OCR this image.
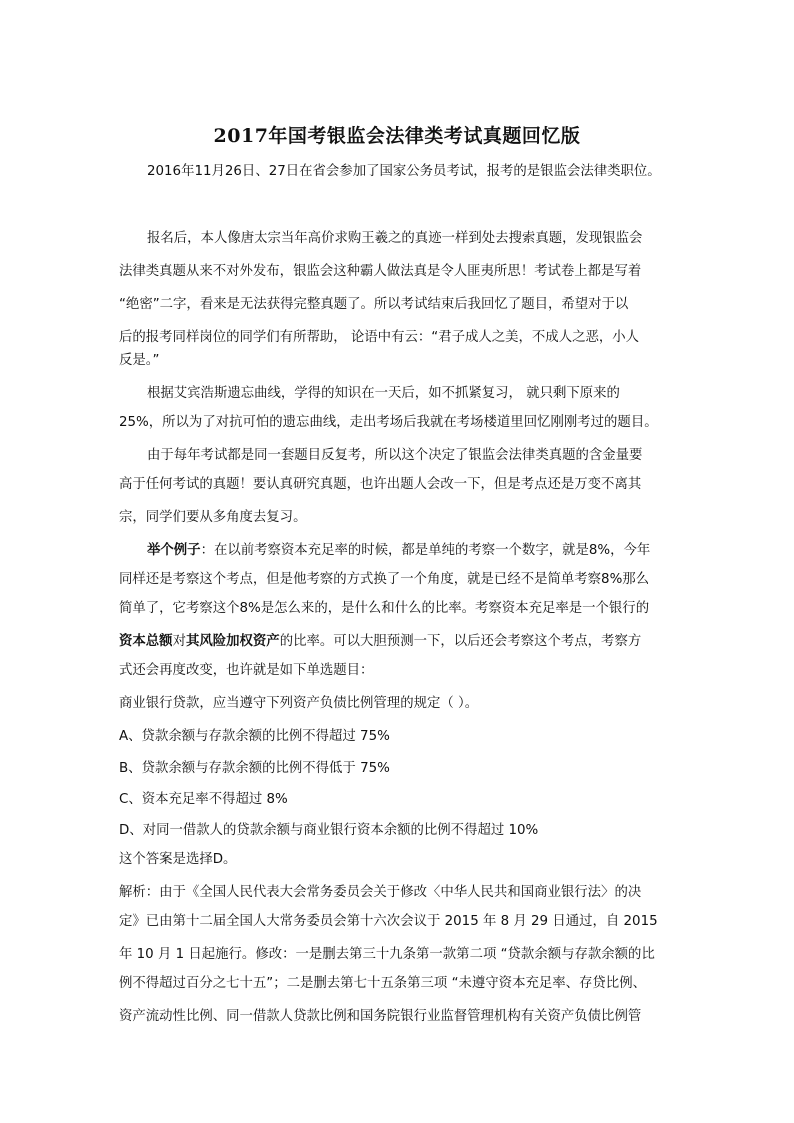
2017年国考银监会法律类考试真题回忆版
2016年11月26日、27日在省会参加了国家公务员考试，报考的是银监会法律类职位。
报名后，本人像唐太宗当年高价求购王羲之的真迹一样到处去搜索真题，发现银监会
法律类真题从来不对外发布，银监会这种霸人做法真是令人匪夷所思！考试卷上都是写着
“绝密”二字，看来是无法获得完整真题了。所以考试结束后我回忆了题目，希望对于以
后的报考同样岗位的同学们有所帮助， 论语中有云：“君子成人之美，不成人之恶，小人
反是。”
根据艾宾浩斯遗忘曲线，学得的知识在一天后，如不抓紧复习， 就只剩下原来的
25%，所以为了对抗可怕的遗忘曲线，走出考场后我就在考场楼道里回忆刚刚考过的题目。
由于每年考试都是同一套题目反复考，所以这个决定了银监会法律类真题的含金量要
高于任何考试的真题！要认真研究真题，也许出题人会改一下，但是考点还是万变不离其
宗，同学们要从多角度去复习。
举个例子：在以前考察资本充足率的时候，都是单纯的考察一个数字，就是8%，今年
同样还是考察这个考点，但是他考察的方式换了一个角度，就是已经不是简单考察8%那么
简单了，它考察这个8%是怎么来的，是什么和什么的比率。考察资本充足率是一个银行的
资本总额对其风险加权资产的比率。可以大胆预测一下，以后还会考察这个考点，考察方
式还会再度改变，也许就是如下单选题目：
商业银行贷款，应当遵守下列资产负债比例管理的规定（ ）。
A、贷款余额与存款余额的比例不得超过 75%
B、贷款余额与存款余额的比例不得低于 75%
C、资本充足率不得超过 8%
D、对同一借款人的贷款余额与商业银行资本余额的比例不得超过 10%
这个答案是选择D。
解析：由于《全国人民代表大会常务委员会关于修改〈中华人民共和国商业银行法〉的决
定》已由第十二届全国人大常务委员会第十六次会议于 2015 年 8 月 29 日通过，自 2015
年 10 月 1 日起施行。修改：一是删去第三十九条第一款第二项 “贷款余额与存款余额的比
例不得超过百分之七十五”；二是删去第七十五条第三项 “未遵守资本充足率、存贷比例、
资产流动性比例、同一借款人贷款比例和国务院银行业监督管理机构有关资产负债比例管
